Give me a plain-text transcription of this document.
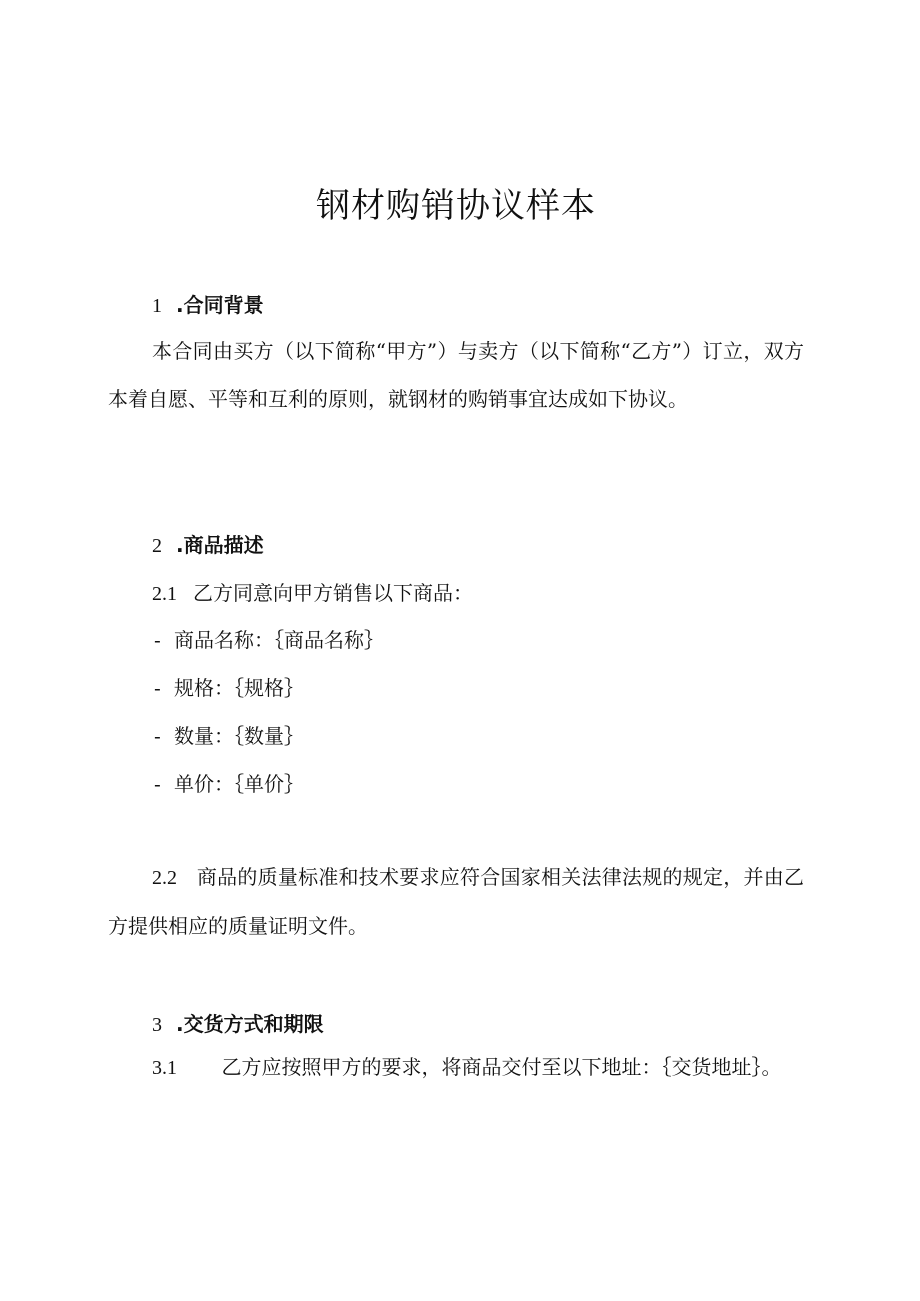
钢材购销协议样本
1 .合同背景

本合同由买方（以下简称“甲方”）与卖方（以下简称“乙方”）订立，双方本着自愿、平等和互利的原则，就钢材的购销事宜达成如下协议。

2 .商品描述
2.1 乙方同意向甲方销售以下商品：
- 商品名称：｛商品名称｝
- 规格：｛规格｝
- 数量：｛数量｝
- 单价：｛单价｝

2.2 商品的质量标准和技术要求应符合国家相关法律法规的规定，并由乙方提供相应的质量证明文件。

3 .交货方式和期限

3.1 乙方应按照甲方的要求，将商品交付至以下地址：｛交货地址｝。
